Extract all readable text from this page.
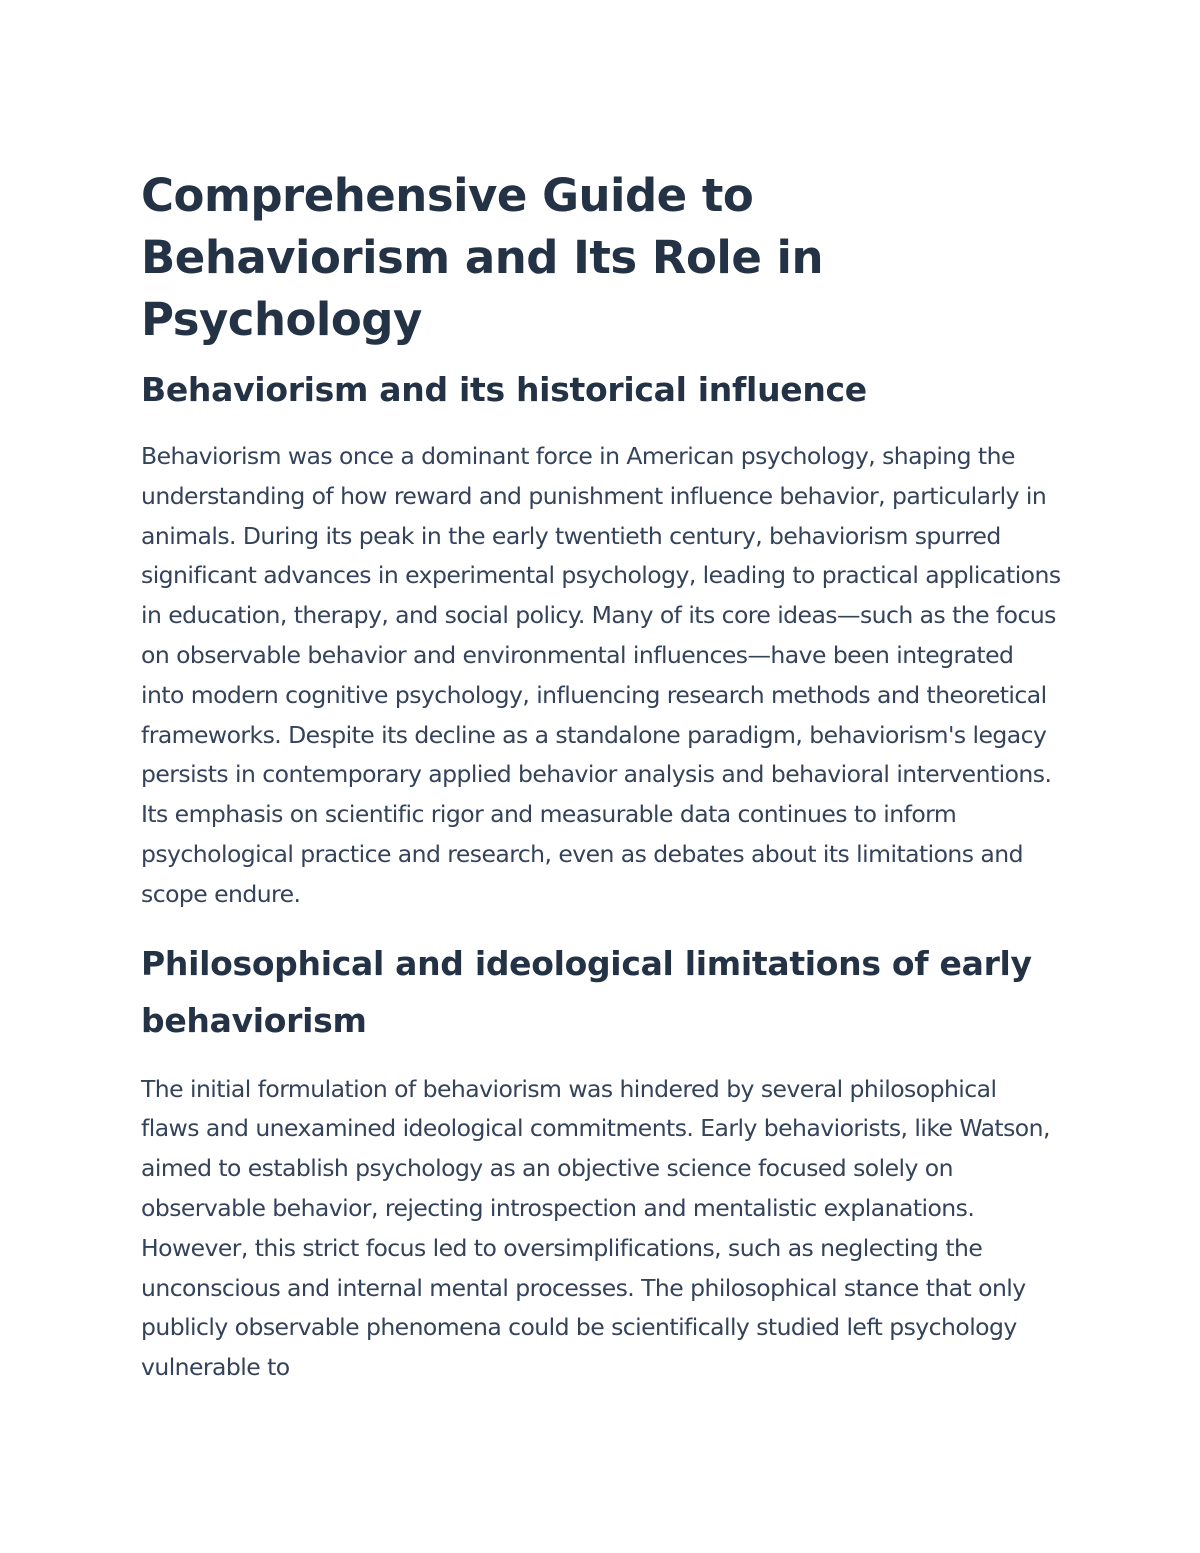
Comprehensive Guide to Behaviorism and Its Role in Psychology
Behaviorism and its historical influence

Behaviorism was once a dominant force in American psychology, shaping the understanding of how reward and punishment influence behavior, particularly in animals. During its peak in the early twentieth century, behaviorism spurred significant advances in experimental psychology, leading to practical applications in education, therapy, and social policy. Many of its core ideas—such as the focus on observable behavior and environmental influences—have been integrated into modern cognitive psychology, influencing research methods and theoretical frameworks. Despite its decline as a standalone paradigm, behaviorism's legacy persists in contemporary applied behavior analysis and behavioral interventions. Its emphasis on scientific rigor and measurable data continues to inform psychological practice and research, even as debates about its limitations and scope endure.

Philosophical and ideological limitations of early behaviorism

The initial formulation of behaviorism was hindered by several philosophical flaws and unexamined ideological commitments. Early behaviorists, like Watson, aimed to establish psychology as an objective science focused solely on observable behavior, rejecting introspection and mentalistic explanations. However, this strict focus led to oversimplifications, such as neglecting the unconscious and internal mental processes. The philosophical stance that only publicly observable phenomena could be scientifically studied left psychology vulnerable to
